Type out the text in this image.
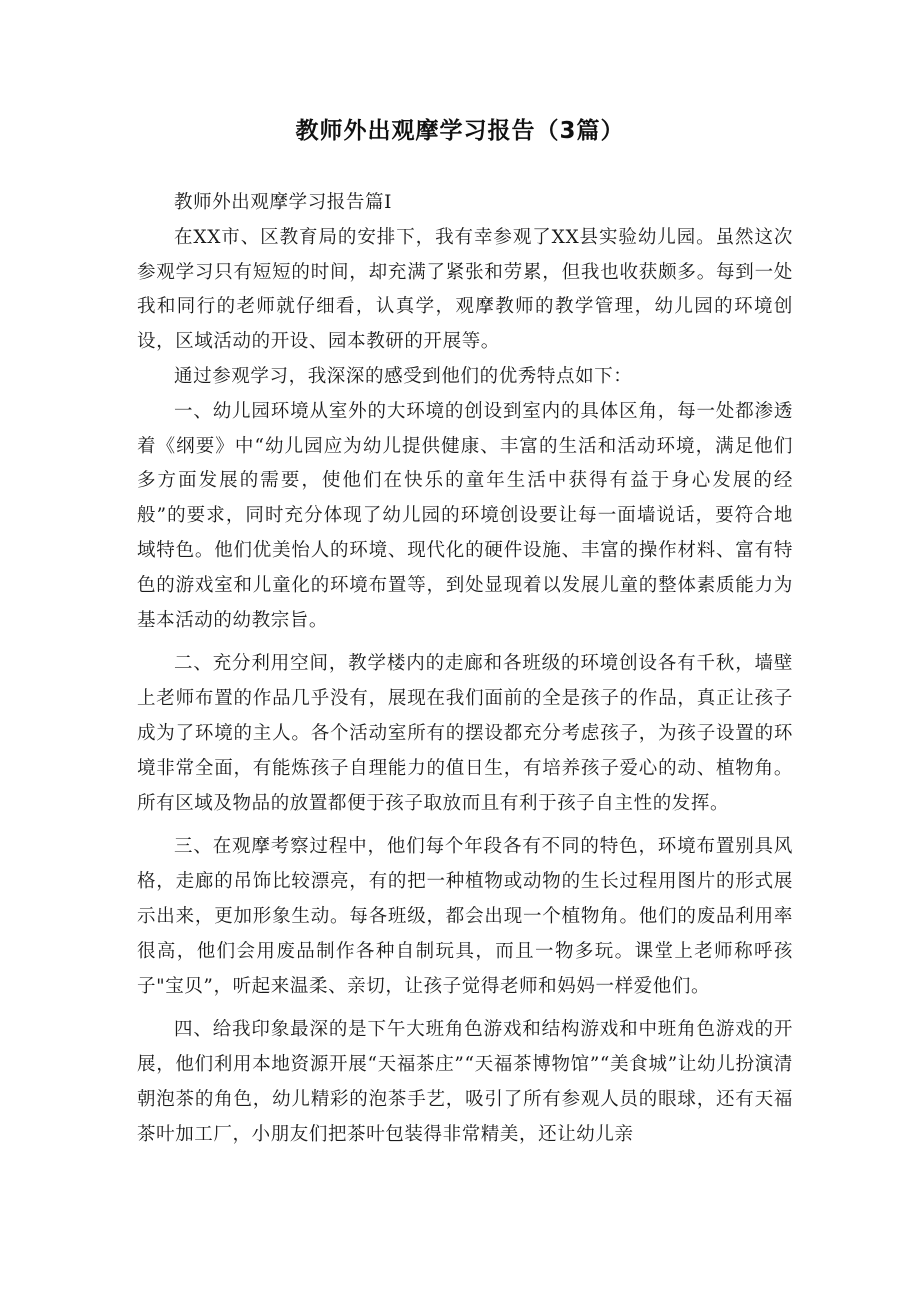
教师外出观摩学习报告（3篇）

教师外出观摩学习报告篇I

在XX市、区教育局的安排下，我有幸参观了XX县实验幼儿园。虽然这次参观学习只有短短的时间，却充满了紧张和劳累，但我也收获颇多。每到一处我和同行的老师就仔细看，认真学，观摩教师的教学管理，幼儿园的环境创设，区域活动的开设、园本教研的开展等。

通过参观学习，我深深的感受到他们的优秀特点如下：

一、幼儿园环境从室外的大环境的创设到室内的具体区角，每一处都渗透着《纲要》中“幼儿园应为幼儿提供健康、丰富的生活和活动环境，满足他们多方面发展的需要，使他们在快乐的童年生活中获得有益于身心发展的经般”的要求，同时充分体现了幼儿园的环境创设要让每一面墙说话，要符合地域特色。他们优美怡人的环境、现代化的硬件设施、丰富的操作材料、富有特色的游戏室和儿童化的环境布置等，到处显现着以发展儿童的整体素质能力为基本活动的幼教宗旨。

二、充分利用空间，教学楼内的走廊和各班级的环境创设各有千秋，墙壁上老师布置的作品几乎没有，展现在我们面前的全是孩子的作品，真正让孩子成为了环境的主人。各个活动室所有的摆设都充分考虑孩子，为孩子设置的环境非常全面，有能炼孩子自理能力的值日生，有培养孩子爱心的动、植物角。所有区域及物品的放置都便于孩子取放而且有利于孩子自主性的发挥。

三、在观摩考察过程中，他们每个年段各有不同的特色，环境布置别具风格，走廊的吊饰比较漂亮，有的把一种植物或动物的生长过程用图片的形式展示出来，更加形象生动。每各班级，都会出现一个植物角。他们的废品利用率很高，他们会用废品制作各种自制玩具，而且一物多玩。课堂上老师称呼孩子"宝贝”，听起来温柔、亲切，让孩子觉得老师和妈妈一样爱他们。

四、给我印象最深的是下午大班角色游戏和结构游戏和中班角色游戏的开展，他们利用本地资源开展“天福茶庄”“天福茶博物馆”“美食城”让幼儿扮演清朝泡茶的角色，幼儿精彩的泡茶手艺，吸引了所有参观人员的眼球，还有天福茶叶加工厂，小朋友们把茶叶包装得非常精美，还让幼儿亲
